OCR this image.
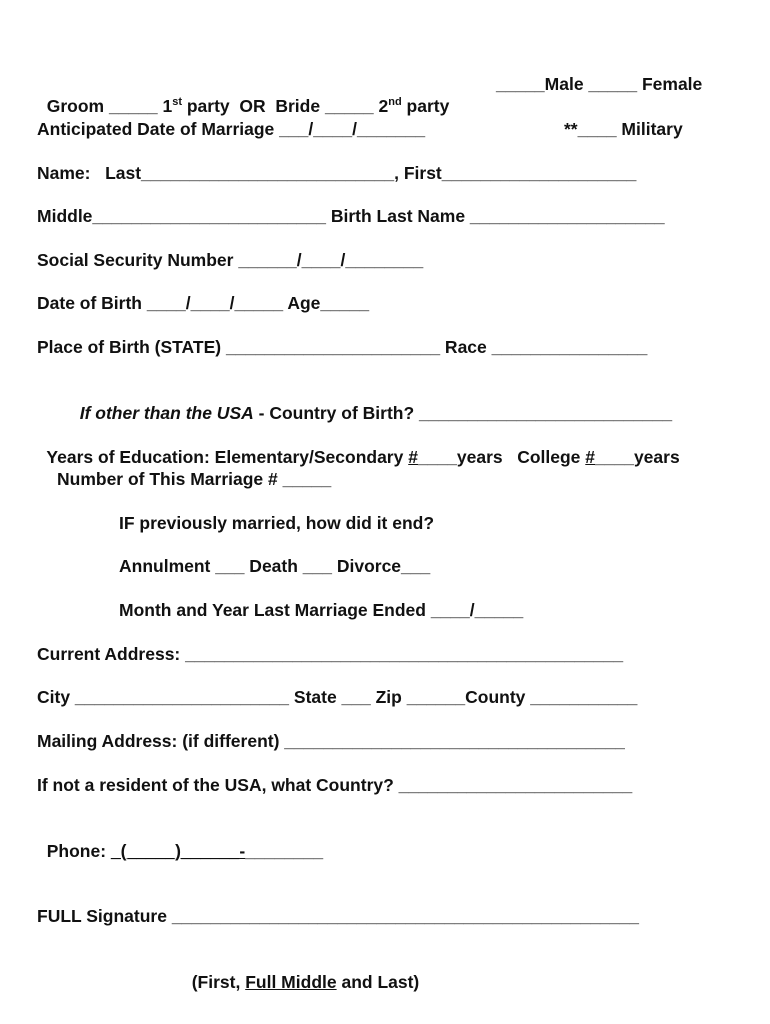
Groom _____ 1st party  OR  Bride _____ 2nd party

_____Male _____ Female
Anticipated Date of Marriage ___/____/_______	**____ Military
Name:   Last__________________________, First____________________
Middle________________________ Birth Last Name ____________________
Social Security Number ______/____/________
Date of Birth ____/____/_____ Age_____
Place of Birth (STATE) ______________________ Race ________________

If other than the USA - Country of Birth? __________________________

Years of Education: Elementary/Secondary #____years   College #____years

Number of This Marriage # _____
IF previously married, how did it end?
Annulment ___ Death ___ Divorce___
Month and Year Last Marriage Ended ____/_____
Current Address: _____________________________________________
City ______________________ State ___ Zip ______County ___________
Mailing Address: (if different) ___________________________________
If not a resident of the USA, what Country? ________________________

Phone: _(_____)______-________

FULL Signature ________________________________________________

(First, Full Middle and Last)
